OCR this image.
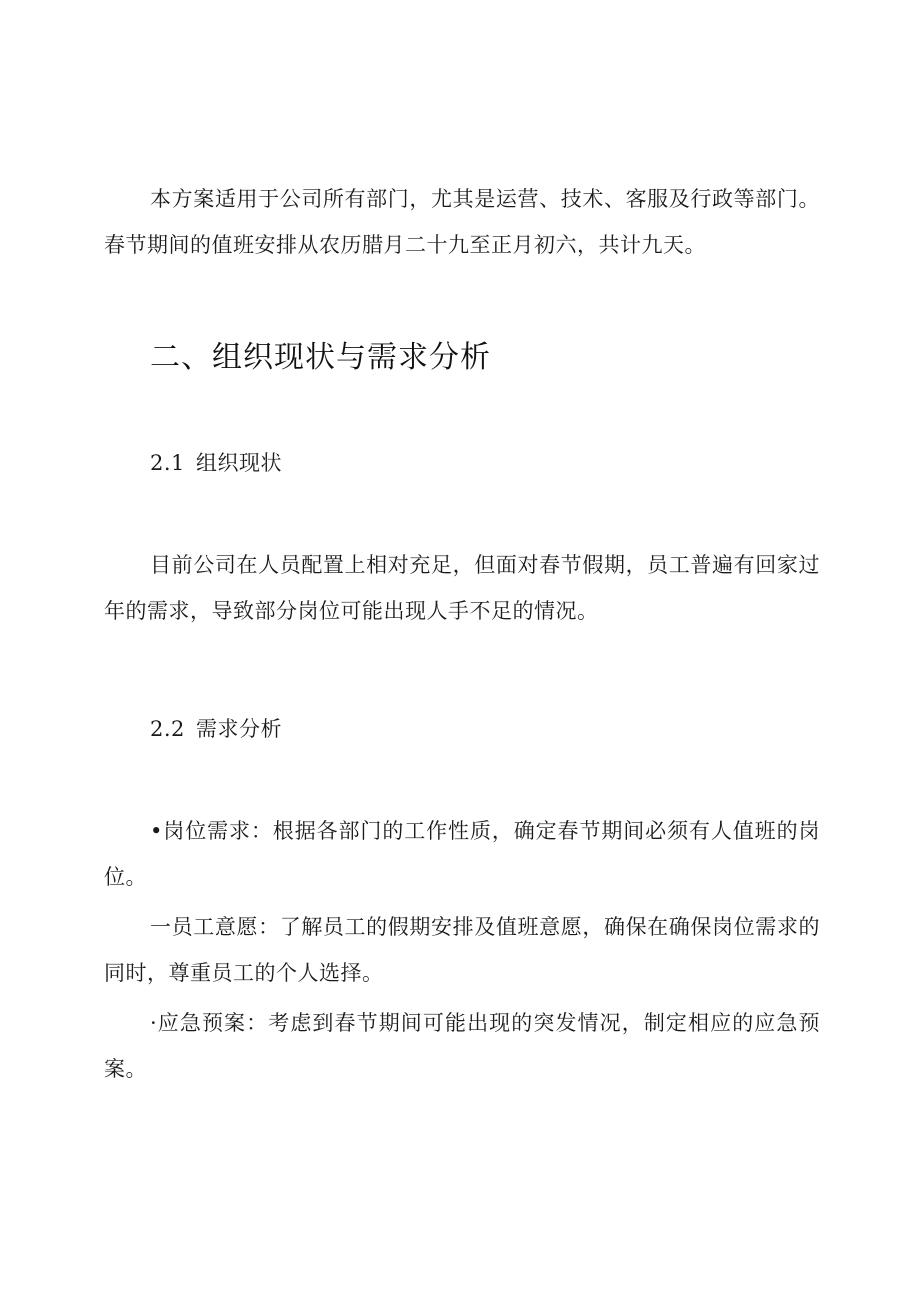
本方案适用于公司所有部门，尤其是运营、技术、客服及行政等部门。春节期间的值班安排从农历腊月二十九至正月初六，共计九天。

二、组织现状与需求分析
2.1 组织现状

目前公司在人员配置上相对充足，但面对春节假期，员工普遍有回家过年的需求，导致部分岗位可能出现人手不足的情况。

2.2 需求分析

•岗位需求：根据各部门的工作性质，确定春节期间必须有人值班的岗位。

一员工意愿：了解员工的假期安排及值班意愿，确保在确保岗位需求的同时，尊重员工的个人选择。

·应急预案：考虑到春节期间可能出现的突发情况，制定相应的应急预案。
